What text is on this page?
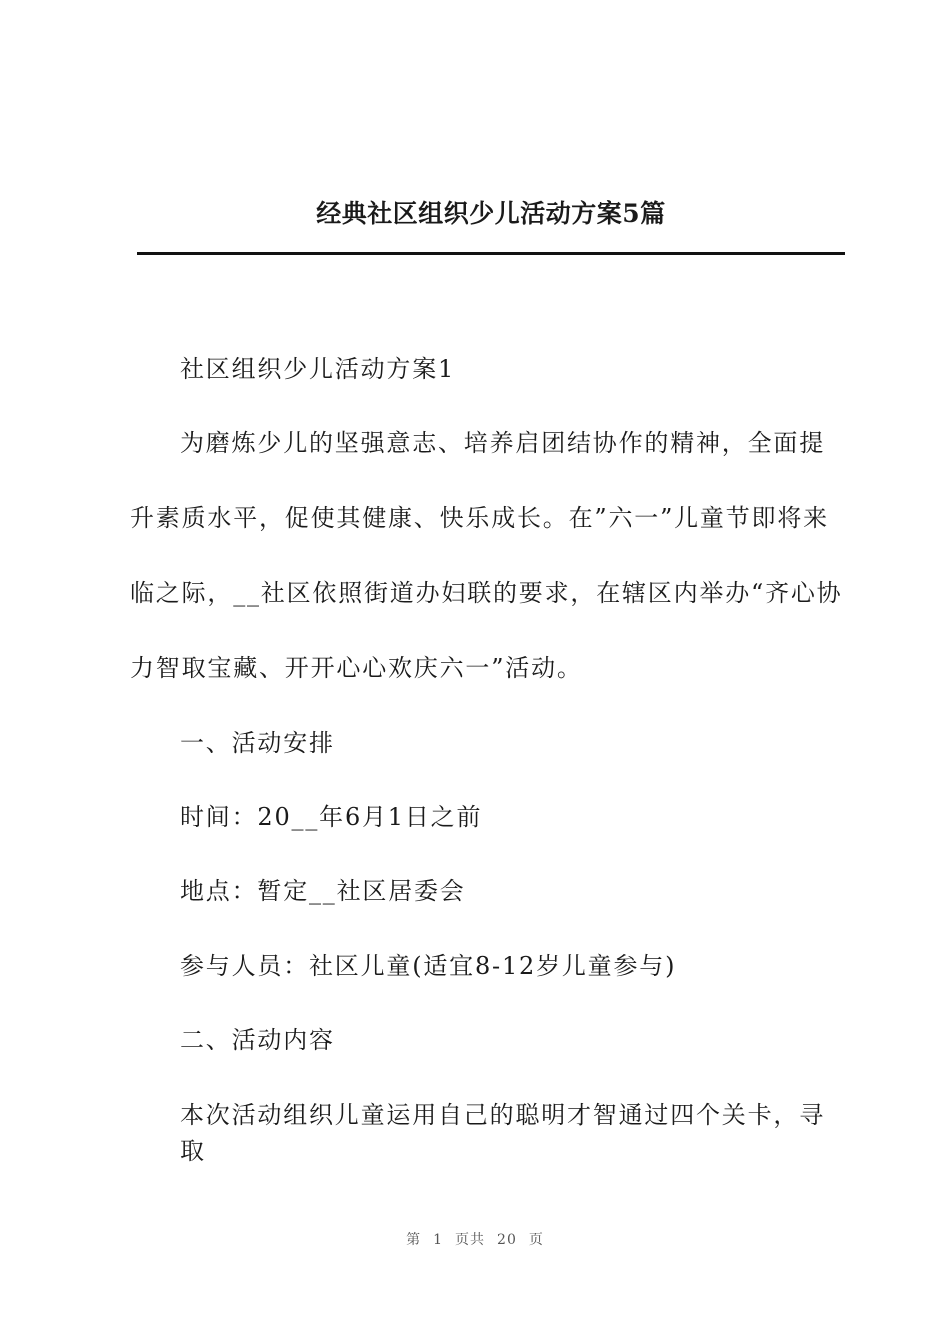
经典社区组织少儿活动方案5篇

社区组织少儿活动方案1

为磨炼少儿的坚强意志、培养启团结协作的精神，全面提升素质水平，促使其健康、快乐成长。在”六一”儿童节即将来临之际，__社区依照街道办妇联的要求，在辖区内举办“齐心协力智取宝藏、开开心心欢庆六一”活动。

一、活动安排

时间：20__年6月1日之前

地点：暂定__社区居委会

参与人员：社区儿童(适宜8-12岁儿童参与)

二、活动内容

本次活动组织儿童运用自己的聪明才智通过四个关卡，寻取

第 1 页共 20 页
